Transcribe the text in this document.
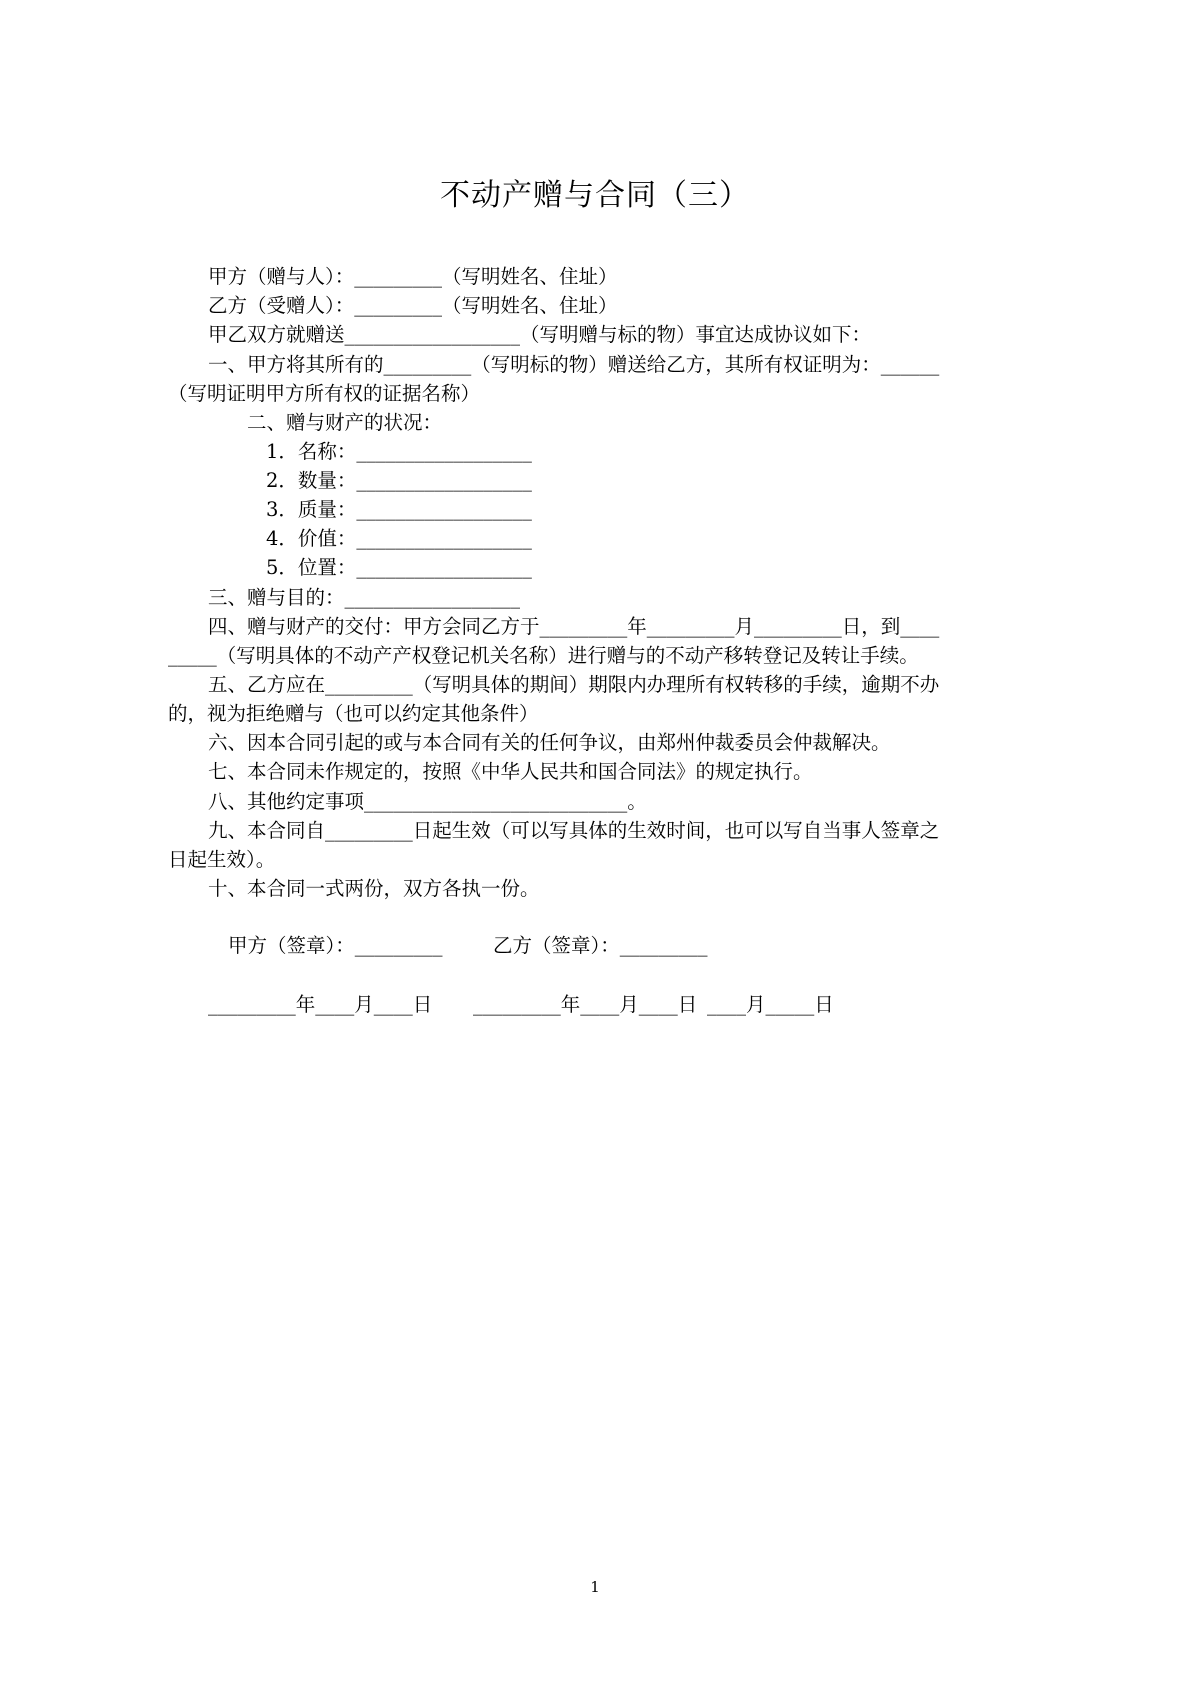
不动产赠与合同（三）
甲方（赠与人）：_________（写明姓名、住址）
乙方（受赠人）：_________（写明姓名、住址）
甲乙双方就赠送__________________（写明赠与标的物）事宜达成协议如下：
一、甲方将其所有的_________（写明标的物）赠送给乙方，其所有权证明为：______
（写明证明甲方所有权的证据名称）
二、赠与财产的状况：
1．名称：__________________
2．数量：__________________
3．质量：__________________
4．价值：__________________
5．位置：__________________
三、赠与目的：__________________
四、赠与财产的交付：甲方会同乙方于_________年_________月_________日，到____
_____（写明具体的不动产产权登记机关名称）进行赠与的不动产移转登记及转让手续。
五、乙方应在_________（写明具体的期间）期限内办理所有权转移的手续，逾期不办
的，视为拒绝赠与（也可以约定其他条件）
六、因本合同引起的或与本合同有关的任何争议，由郑州仲裁委员会仲裁解决。
七、本合同未作规定的，按照《中华人民共和国合同法》的规定执行。
八、其他约定事项___________________________。
九、本合同自_________日起生效（可以写具体的生效时间，也可以写自当事人签章之
日起生效）。
十、本合同一式两份，双方各执一份。
甲方（签章）：_________	乙方（签章）：_________
_________年____月____日 _________年____月____日 ____月_____日
1
